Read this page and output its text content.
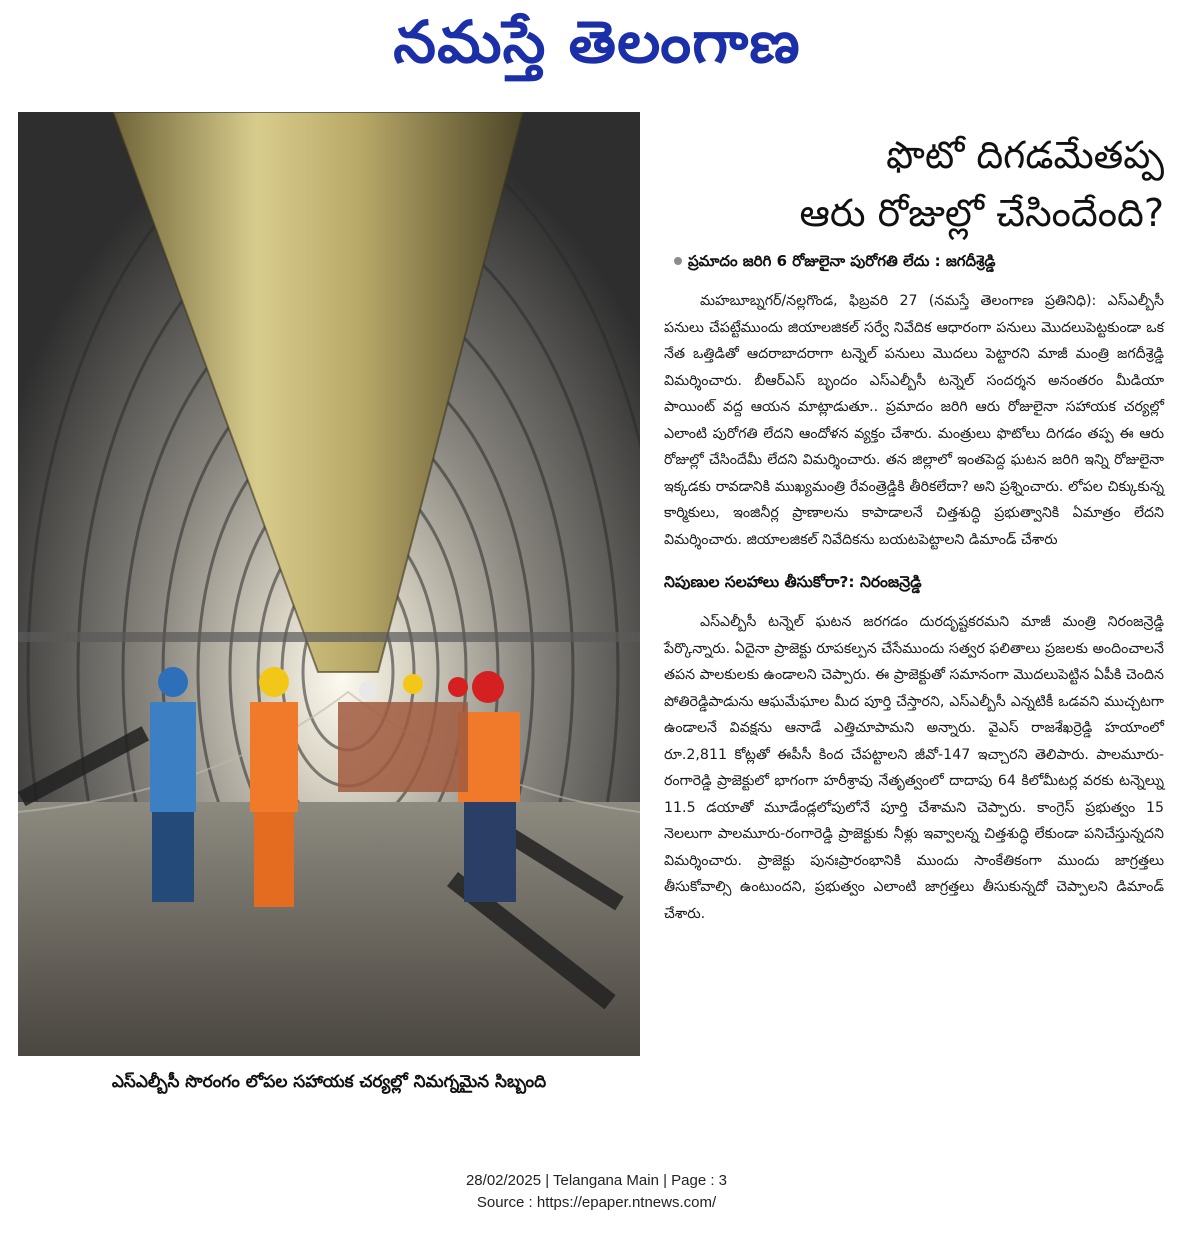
నమస్తే తెలంగాణ
ఎస్ఎల్బీసీ సొరంగం లోపల సహాయక చర్యల్లో నిమగ్నమైన సిబ్బంది
ఫొటో దిగడమేతప్ప
ఆరు రోజుల్లో చేసిందేంది?
ప్రమాదం జరిగి 6 రోజులైనా పురోగతి లేదు : జగదీశ్రెడ్డి

మహబూబ్నగర్/నల్లగొండ, ఫిబ్రవరి 27 (నమస్తే తెలంగాణ ప్రతినిధి): ఎస్ఎల్బీసీ పనులు చేపట్టేముందు జియాలజికల్ సర్వే నివేదిక ఆధారంగా పనులు మొదలుపెట్టకుండా ఒక నేత ఒత్తిడితో ఆదరాబాదరాగా టన్నెల్ పనులు మొదలు పెట్టారని మాజీ మంత్రి జగదీశ్రెడ్డి విమర్శించారు. బీఆర్ఎస్ బృందం ఎస్ఎల్బీసీ టన్నెల్ సందర్శన అనంతరం మీడియా పాయింట్ వద్ద ఆయన మాట్లాడుతూ.. ప్రమాదం జరిగి ఆరు రోజులైనా సహాయక చర్యల్లో ఎలాంటి పురోగతి లేదని ఆందోళన వ్యక్తం చేశారు. మంత్రులు ఫొటోలు దిగడం తప్ప ఈ ఆరు రోజుల్లో చేసిందేమీ లేదని విమర్శించారు. తన జిల్లాలో ఇంతపెద్ద ఘటన జరిగి ఇన్ని రోజులైనా ఇక్కడకు రావడానికి ముఖ్యమంత్రి రేవంత్రెడ్డికి తీరికలేదా? అని ప్రశ్నించారు. లోపల చిక్కుకున్న కార్మికులు, ఇంజినీర్ల ప్రాణాలను కాపాడాలనే చిత్తశుద్ధి ప్రభుత్వానికి ఏమాత్రం లేదని విమర్శించారు. జియాలజికల్ నివేదికను బయటపెట్టాలని డిమాండ్ చేశారు

నిపుణుల సలహాలు తీసుకోరా?: నిరంజన్రెడ్డి

ఎస్ఎల్బీసీ టన్నెల్ ఘటన జరగడం దురదృష్టకరమని మాజీ మంత్రి నిరంజన్రెడ్డి పేర్కొన్నారు. ఏదైనా ప్రాజెక్టు రూపకల్పన చేసేముందు సత్వర ఫలితాలు ప్రజలకు అందించాలనే తపన పాలకులకు ఉండాలని చెప్పారు. ఈ ప్రాజెక్టుతో సమానంగా మొదలుపెట్టిన ఏపీకి చెందిన పోతిరెడ్డిపాడును ఆఘమేఘాల మీద పూర్తి చేస్తారని, ఎస్ఎల్బీసీ ఎన్నటికీ ఒడవని ముచ్చటగా ఉండాలనే వివక్షను ఆనాడే ఎత్తిచూపామని అన్నారు. వైఎస్ రాజశేఖర్రెడ్డి హయాంలో రూ.2,811 కోట్లతో ఈపీసీ కింద చేపట్టాలని జీవో-147 ఇచ్చారని తెలిపారు. పాలమూరు-రంగారెడ్డి ప్రాజెక్టులో భాగంగా హరీశ్రావు నేతృత్వంలో దాదాపు 64 కిలోమీటర్ల వరకు టన్నెల్ను 11.5 డయాతో మూడేండ్లలోపులోనే పూర్తి చేశామని చెప్పారు. కాంగ్రెస్ ప్రభుత్వం 15 నెలలుగా పాలమూరు-రంగారెడ్డి ప్రాజెక్టుకు నీళ్లు ఇవ్వాలన్న చిత్తశుద్ధి లేకుండా పనిచేస్తున్నదని విమర్శించారు. ప్రాజెక్టు పునఃప్రారంభానికి ముందు సాంకేతికంగా ముందు జాగ్రత్తలు తీసుకోవాల్సి ఉంటుందని, ప్రభుత్వం ఎలాంటి జాగ్రత్తలు తీసుకున్నదో చెప్పాలని డిమాండ్ చేశారు.

28/02/2025 | Telangana Main | Page : 3
Source : https://epaper.ntnews.com/
